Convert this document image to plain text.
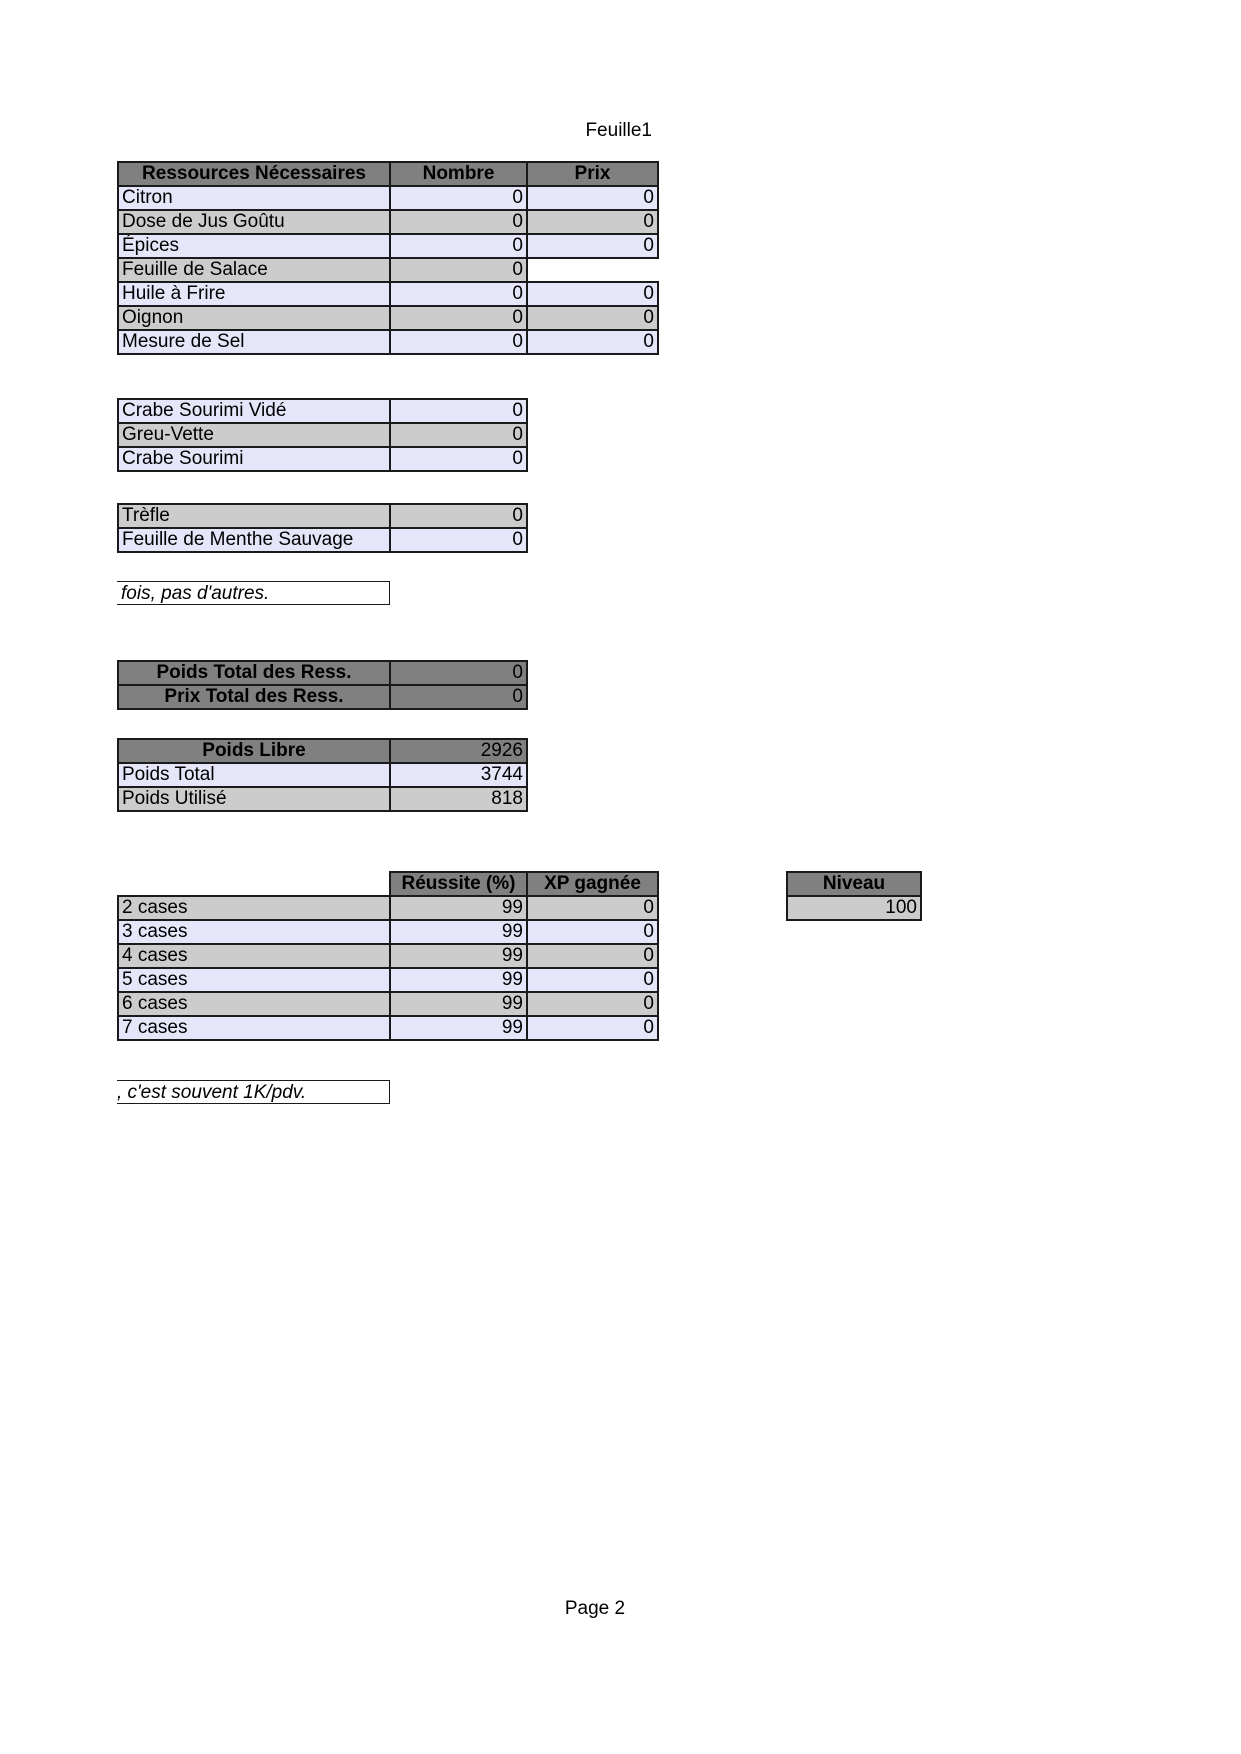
Feuille1
Ressources Nécessaires	Nombre	Prix
Citron	0	0
Dose de Jus Goûtu	0	0
Épices	0	0
Feuille de Salace	0	
Huile à Frire	0	0
Oignon	0	0
Mesure de Sel	0	0
Crabe Sourimi Vidé	0
Greu-Vette	0
Crabe Sourimi	0
Trèfle	0
Feuille de Menthe Sauvage	0
fois, pas d'autres.
Poids Total des Ress.	0
Prix Total des Ress.	0
Poids Libre	2926
Poids Total	3744
Poids Utilisé	818
	Réussite (%)	XP gagnée
2 cases	99	0
3 cases	99	0
4 cases	99	0
5 cases	99	0
6 cases	99	0
7 cases	99	0
Niveau
100
, c'est souvent 1K/pdv.
Page 2
